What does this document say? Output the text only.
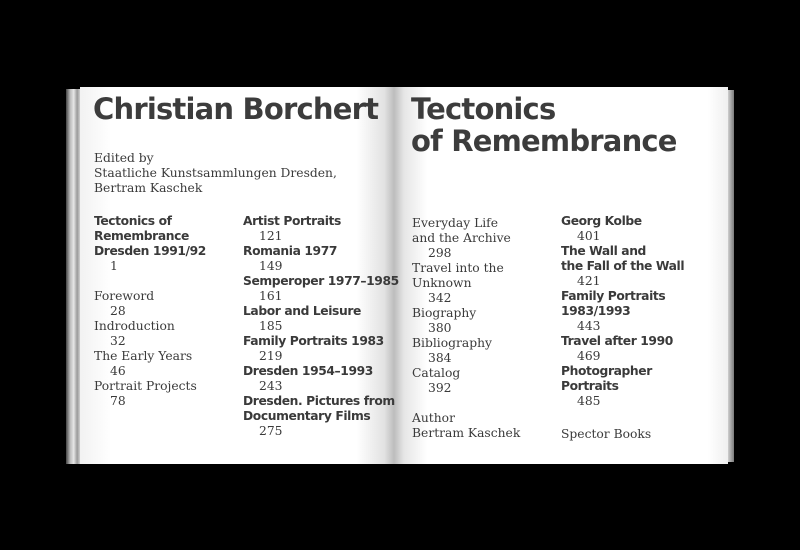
Christian Borchert
Edited by
Staatliche Kunstsammlungen Dresden,
Bertram Kaschek
Tectonics of
Remembrance
Dresden 1991/92
1
Foreword
28
Indroduction
32
The Early Years
46
Portrait Projects
78
Artist Portraits
121
Romania 1977
149
Semperoper 1977–1985
161
Labor and Leisure
185
Family Portraits 1983
219
Dresden 1954–1993
243
Dresden. Pictures from
Documentary Films
275
Tectonics
of Remembrance
Everyday Life
and the Archive
298
Travel into the
Unknown
342
Biography
380
Bibliography
384
Catalog
392
Author
Bertram Kaschek
Georg Kolbe
401
The Wall and
the Fall of the Wall
421
Family Portraits
1983/1993
443
Travel after 1990
469
Photographer
Portraits
485
Spector Books
